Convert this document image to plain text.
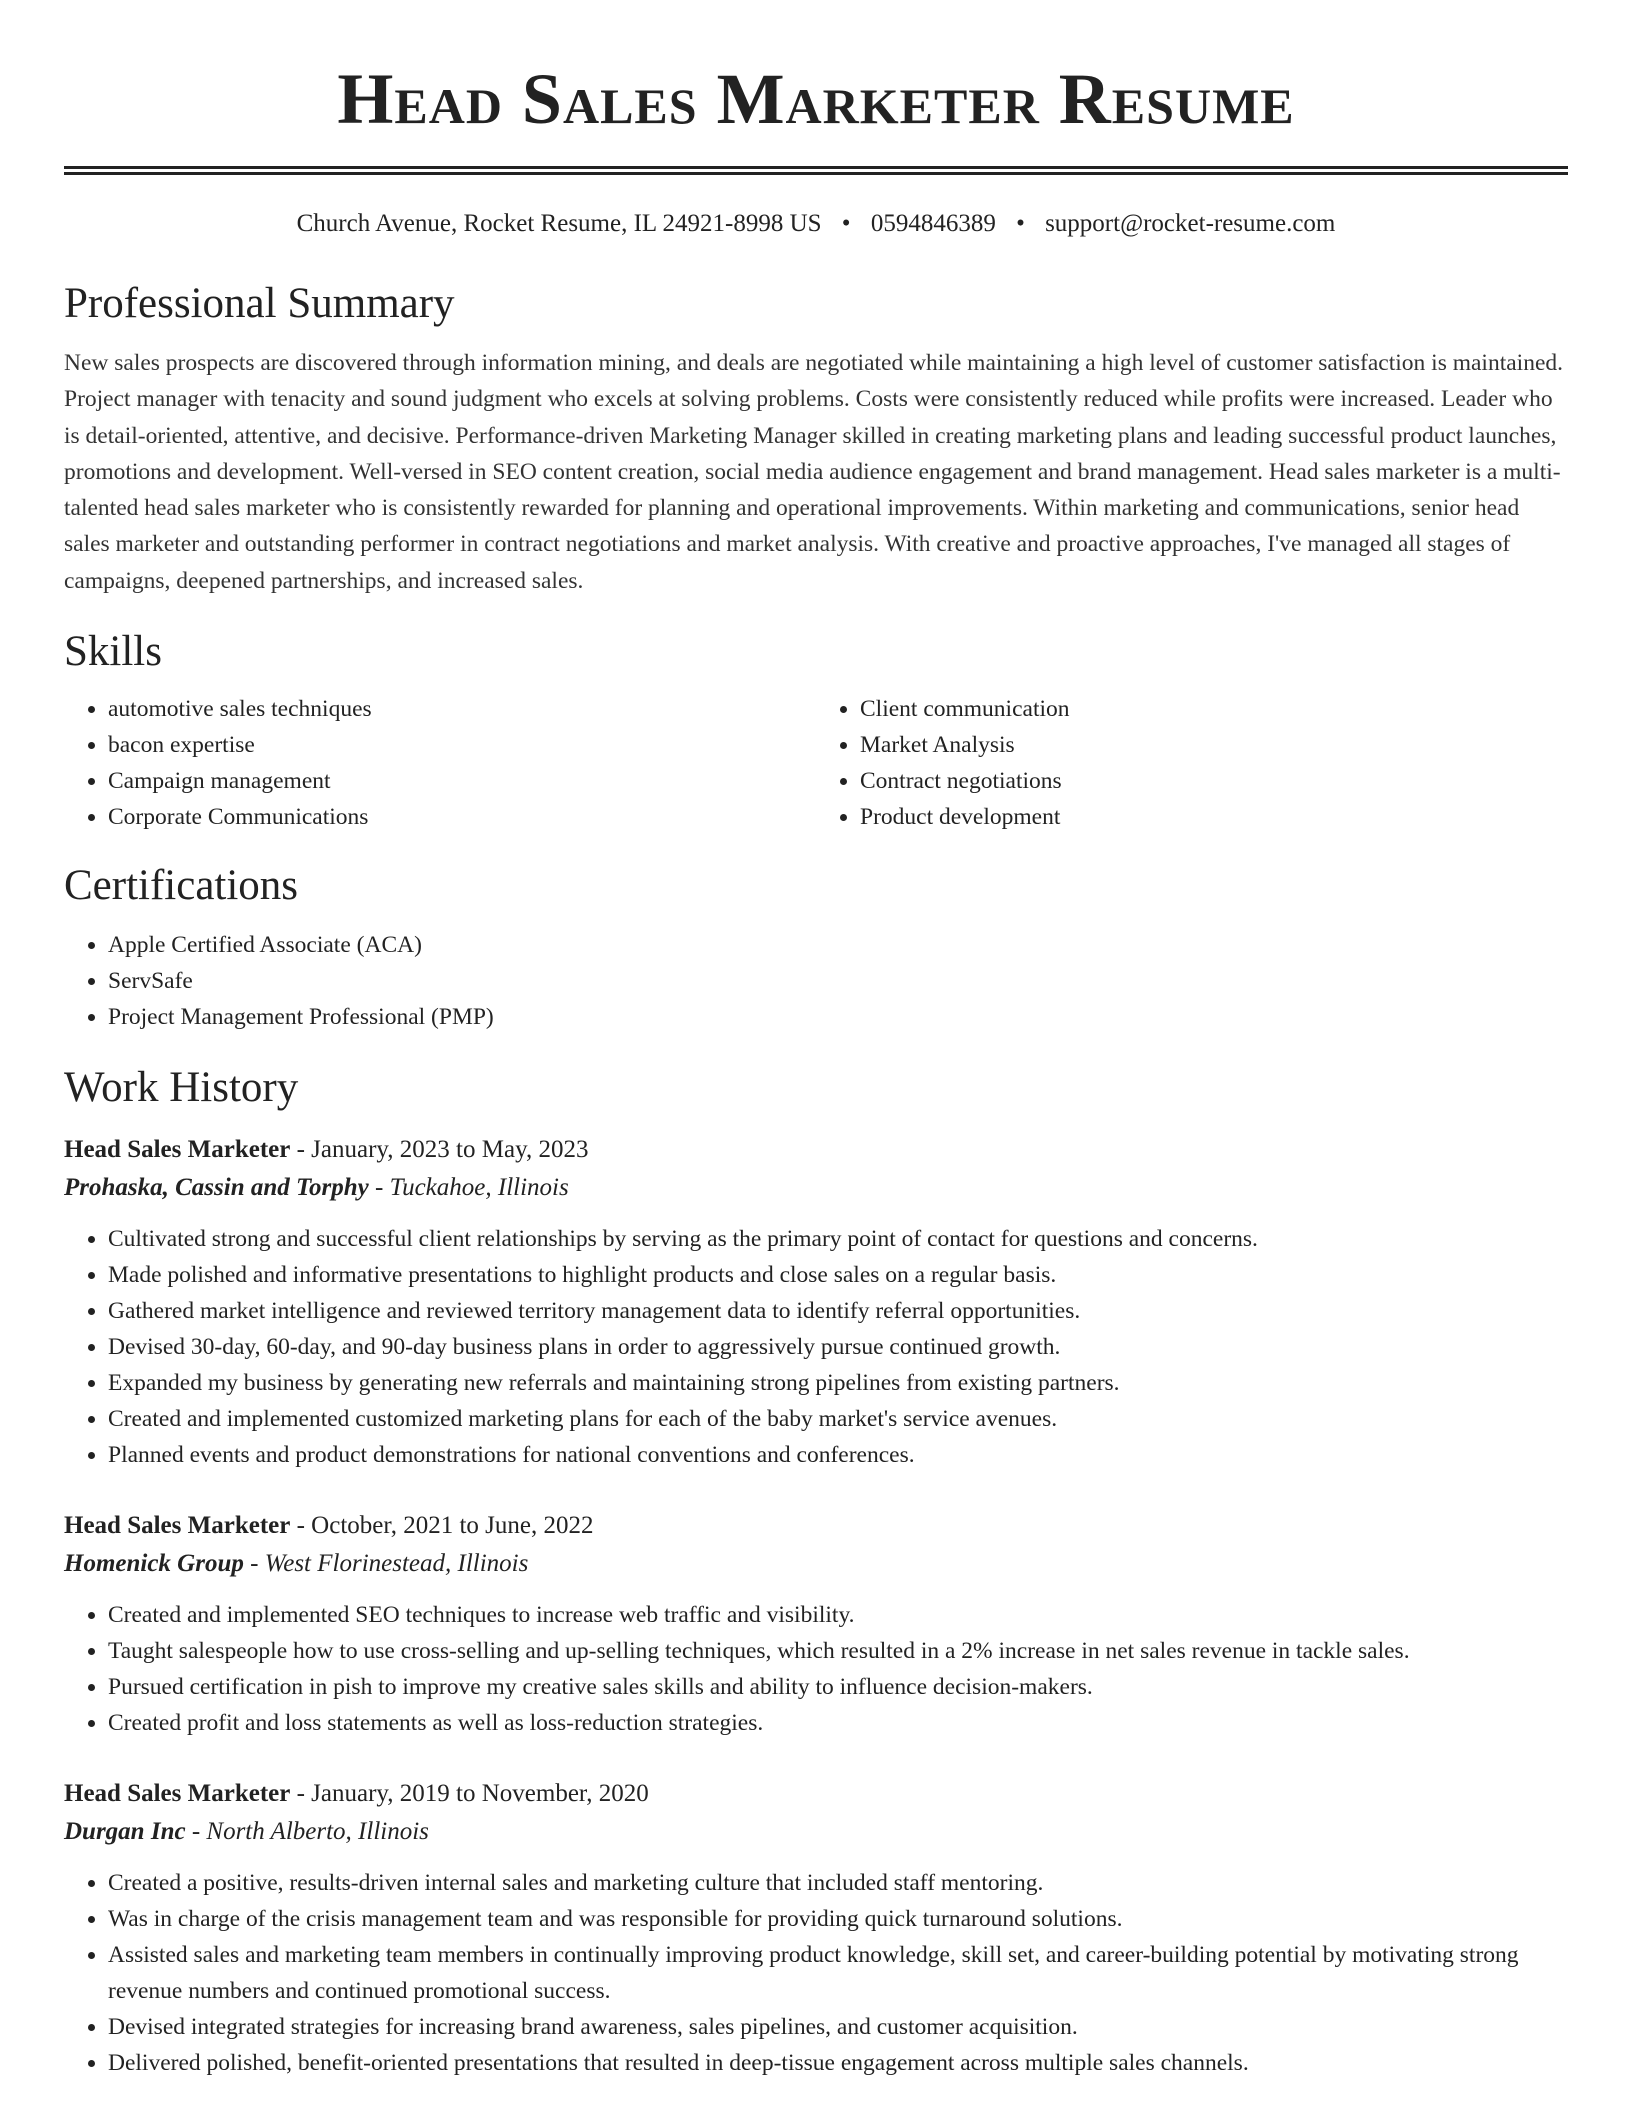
Head Sales Marketer Resume
Church Avenue, Rocket Resume, IL 24921-8998 US • 0594846389 • support@rocket-resume.com
Professional Summary

New sales prospects are discovered through information mining, and deals are negotiated while maintaining a high level of customer satisfaction is maintained. Project manager with tenacity and sound judgment who excels at solving problems. Costs were consistently reduced while profits were increased. Leader who is detail-oriented, attentive, and decisive. Performance-driven Marketing Manager skilled in creating marketing plans and leading successful product launches, promotions and development. Well-versed in SEO content creation, social media audience engagement and brand management. Head sales marketer is a multi-talented head sales marketer who is consistently rewarded for planning and operational improvements. Within marketing and communications, senior head sales marketer and outstanding performer in contract negotiations and market analysis. With creative and proactive approaches, I've managed all stages of campaigns, deepened partnerships, and increased sales.

Skills
• automotive sales techniques
• bacon expertise
• Campaign management
• Corporate Communications
• Client communication
• Market Analysis
• Contract negotiations
• Product development
Certifications
• Apple Certified Associate (ACA)
• ServSafe
• Project Management Professional (PMP)
Work History
Head Sales Marketer - January, 2023 to May, 2023
Prohaska, Cassin and Torphy - Tuckahoe, Illinois
• Cultivated strong and successful client relationships by serving as the primary point of contact for questions and concerns.
• Made polished and informative presentations to highlight products and close sales on a regular basis.
• Gathered market intelligence and reviewed territory management data to identify referral opportunities.
• Devised 30-day, 60-day, and 90-day business plans in order to aggressively pursue continued growth.
• Expanded my business by generating new referrals and maintaining strong pipelines from existing partners.
• Created and implemented customized marketing plans for each of the baby market's service avenues.
• Planned events and product demonstrations for national conventions and conferences.
Head Sales Marketer - October, 2021 to June, 2022
Homenick Group - West Florinestead, Illinois
• Created and implemented SEO techniques to increase web traffic and visibility.
• Taught salespeople how to use cross-selling and up-selling techniques, which resulted in a 2% increase in net sales revenue in tackle sales.
• Pursued certification in pish to improve my creative sales skills and ability to influence decision-makers.
• Created profit and loss statements as well as loss-reduction strategies.
Head Sales Marketer - January, 2019 to November, 2020
Durgan Inc - North Alberto, Illinois
• Created a positive, results-driven internal sales and marketing culture that included staff mentoring.
• Was in charge of the crisis management team and was responsible for providing quick turnaround solutions.
• Assisted sales and marketing team members in continually improving product knowledge, skill set, and career-building potential by motivating strong revenue numbers and continued promotional success.
• Devised integrated strategies for increasing brand awareness, sales pipelines, and customer acquisition.
• Delivered polished, benefit-oriented presentations that resulted in deep-tissue engagement across multiple sales channels.
